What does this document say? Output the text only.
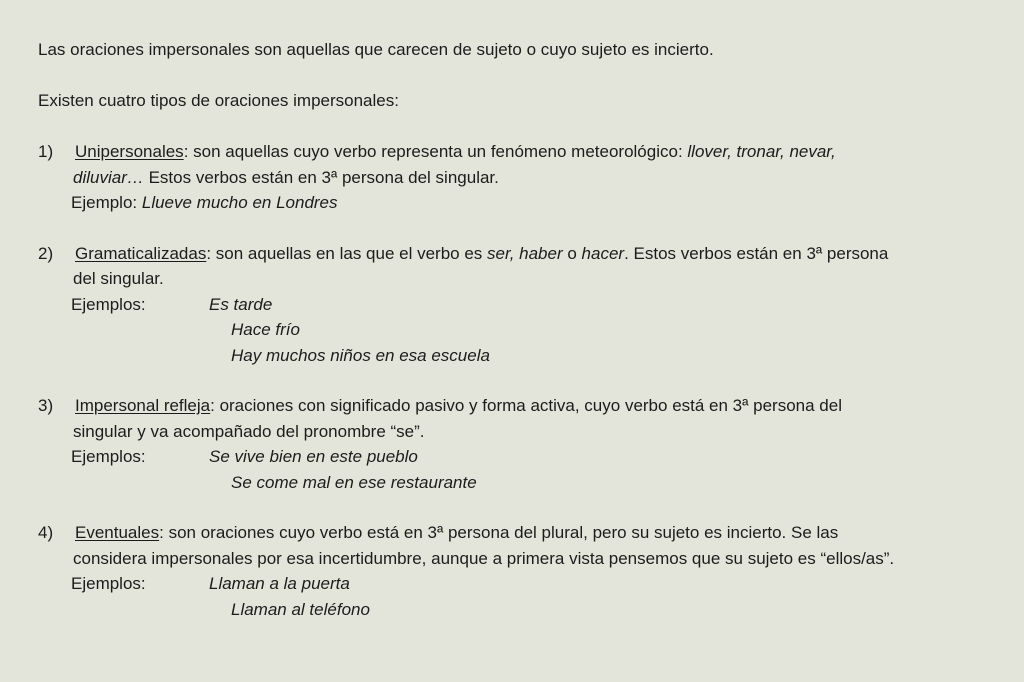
Las oraciones impersonales son aquellas que carecen de sujeto o cuyo sujeto es incierto.

Existen cuatro tipos de oraciones impersonales:

1) Unipersonales: son aquellas cuyo verbo representa un fenómeno meteorológico: llover, tronar, nevar,
diluviar… Estos verbos están en 3ª persona del singular.
Ejemplo: Llueve mucho en Londres
2) Gramaticalizadas: son aquellas en las que el verbo es ser, haber o hacer. Estos verbos están en 3ª persona
del singular.
Ejemplos:	Es tarde
Hace frío
Hay muchos niños en esa escuela
3) Impersonal refleja: oraciones con significado pasivo y forma activa, cuyo verbo está en 3ª persona del
singular y va acompañado del pronombre “se”.
Ejemplos:	Se vive bien en este pueblo
Se come mal en ese restaurante
4) Eventuales: son oraciones cuyo verbo está en 3ª persona del plural, pero su sujeto es incierto. Se las
considera impersonales por esa incertidumbre, aunque a primera vista pensemos que su sujeto es “ellos/as”.
Ejemplos:	Llaman a la puerta
Llaman al teléfono
